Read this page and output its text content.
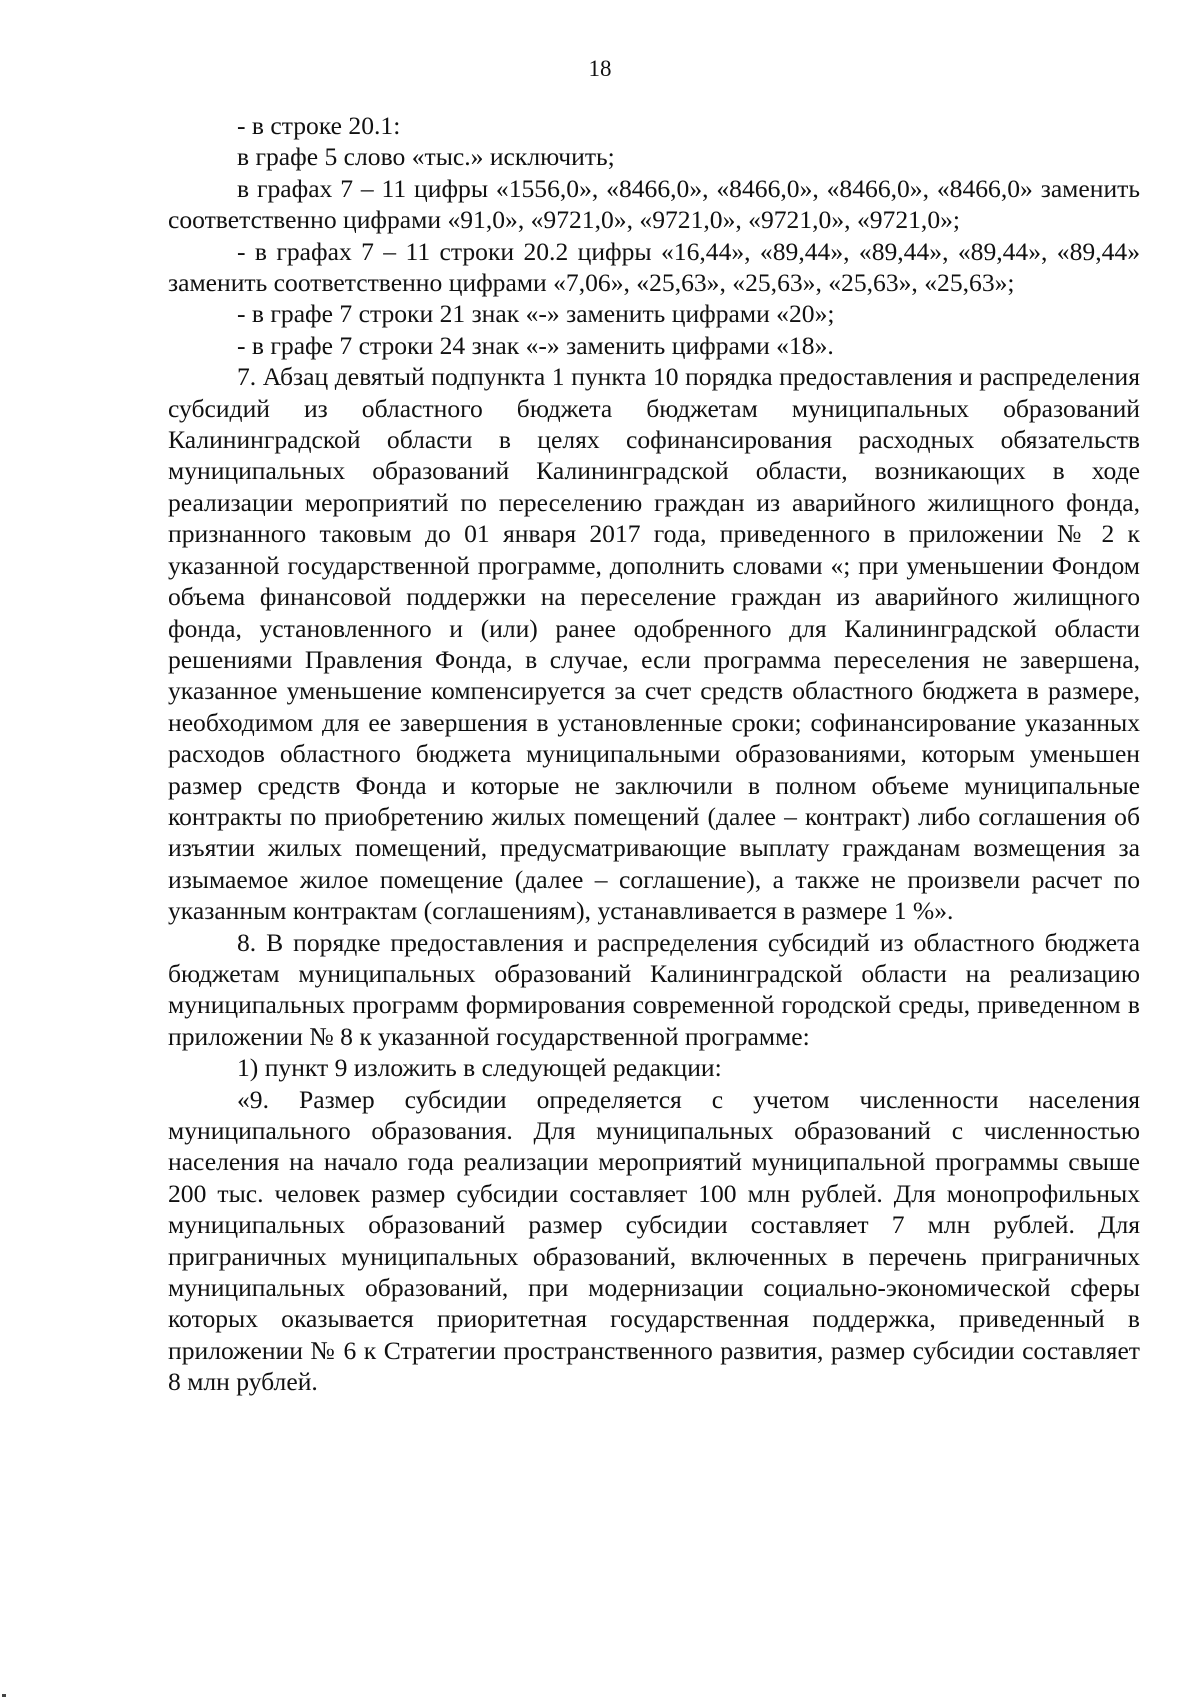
18

- в строке 20.1:

в графе 5 слово «тыс.» исключить;

в графах 7 – 11 цифры «1556,0», «8466,0», «8466,0», «8466,0», «8466,0» заменить соответственно цифрами «91,0», «9721,0», «9721,0», «9721,0», «9721,0»;

- в графах 7 – 11 строки 20.2 цифры «16,44», «89,44», «89,44», «89,44», «89,44» заменить соответственно цифрами «7,06», «25,63», «25,63», «25,63», «25,63»;

- в графе 7 строки 21 знак «-» заменить цифрами «20»;

- в графе 7 строки 24 знак «-» заменить цифрами «18».

7. Абзац девятый подпункта 1 пункта 10 порядка предоставления и распределения субсидий из областного бюджета бюджетам муниципальных образований Калининградской области в целях софинансирования расходных обязательств муниципальных образований Калининградской области, возникающих в ходе реализации мероприятий по переселению граждан из аварийного жилищного фонда, признанного таковым до 01 января 2017 года, приведенного в приложении № 2 к указанной государственной программе, дополнить словами «; при уменьшении Фондом объема финансовой поддержки на переселение граждан из аварийного жилищного фонда, установленного и (или) ранее одобренного для Калининградской области решениями Правления Фонда, в случае, если программа переселения не завершена, указанное уменьшение компенсируется за счет средств областного бюджета в размере, необходимом для ее завершения в установленные сроки; софинансирование указанных расходов областного бюджета муниципальными образованиями, которым уменьшен размер средств Фонда и которые не заключили в полном объеме муниципальные контракты по приобретению жилых помещений (далее – контракт) либо соглашения об изъятии жилых помещений, предусматривающие выплату гражданам возмещения за изымаемое жилое помещение (далее – соглашение), а также не произвели расчет по указанным контрактам (соглашениям), устанавливается в размере 1 %».

8. В порядке предоставления и распределения субсидий из областного бюджета бюджетам муниципальных образований Калининградской области на реализацию муниципальных программ формирования современной городской среды, приведенном в приложении № 8 к указанной государственной программе:

1) пункт 9 изложить в следующей редакции:

«9. Размер субсидии определяется с учетом численности населения муниципального образования. Для муниципальных образований с численностью населения на начало года реализации мероприятий муниципальной программы свыше 200 тыс. человек размер субсидии составляет 100 млн рублей. Для монопрофильных муниципальных образований размер субсидии составляет 7 млн рублей. Для приграничных муниципальных образований, включенных в перечень приграничных муниципальных образований, при модернизации социально-экономической сферы которых оказывается приоритетная государственная поддержка, приведенный в приложении № 6 к Стратегии пространственного развития, размер субсидии составляет 8 млн рублей.
